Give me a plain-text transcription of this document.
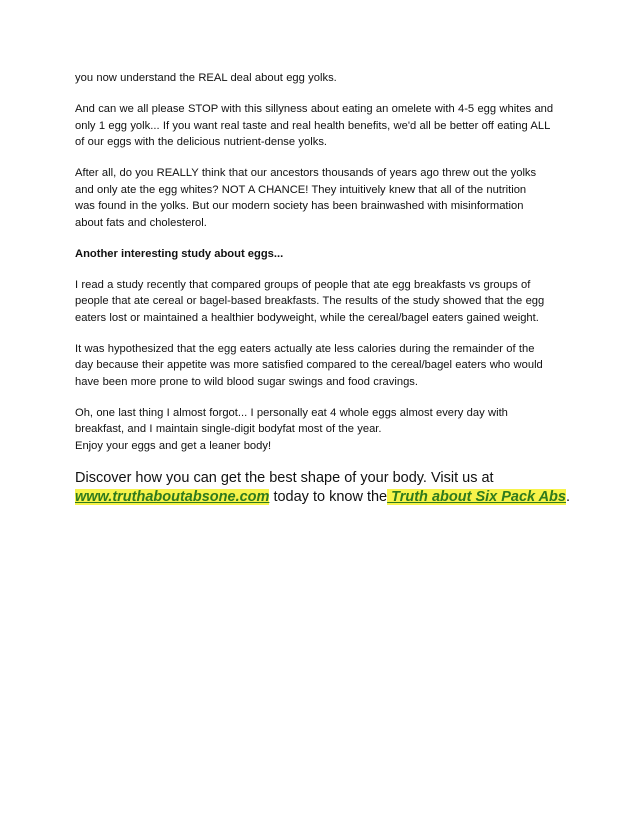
you now understand the REAL deal about egg yolks.
And can we all please STOP with this sillyness about eating an omelete with 4-5 egg whites and
only 1 egg yolk... If you want real taste and real health benefits, we'd all be better off eating ALL
of our eggs with the delicious nutrient-dense yolks.
After all, do you REALLY think that our ancestors thousands of years ago threw out the yolks
and only ate the egg whites? NOT A CHANCE! They intuitively knew that all of the nutrition
was found in the yolks. But our modern society has been brainwashed with misinformation
about fats and cholesterol.
Another interesting study about eggs...
I read a study recently that compared groups of people that ate egg breakfasts vs groups of
people that ate cereal or bagel-based breakfasts. The results of the study showed that the egg
eaters lost or maintained a healthier bodyweight, while the cereal/bagel eaters gained weight.
It was hypothesized that the egg eaters actually ate less calories during the remainder of the
day because their appetite was more satisfied compared to the cereal/bagel eaters who would
have been more prone to wild blood sugar swings and food cravings.
Oh, one last thing I almost forgot... I personally eat 4 whole eggs almost every day with
breakfast, and I maintain single-digit bodyfat most of the year.
Enjoy your eggs and get a leaner body!
Discover how you can get the best shape of your body. Visit us at
www.truthaboutabsone.com today to know the Truth about Six Pack Abs.
